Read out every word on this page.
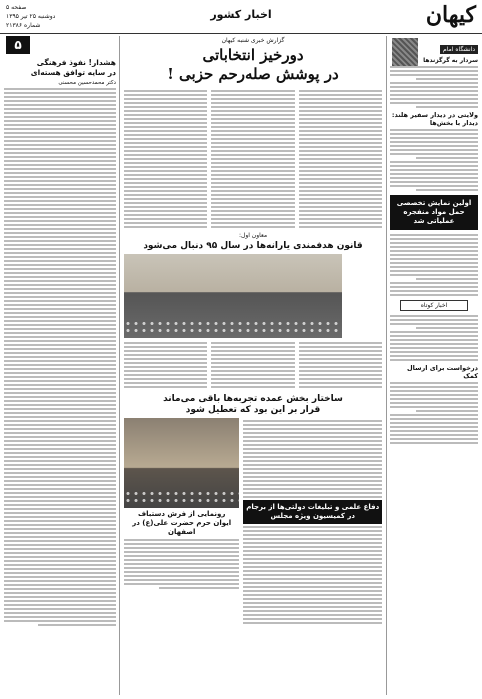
کیهان
اخبار کشور
صفحه ۵
دوشنبه ۲۵ تیر ۱۳۹۵
شماره ۲۱۳۸۶
دانشگاه امام
سردار به گرگزندها
ولایتی در دیدار سفیر هلند: دیدار با بخش‌ها
اولین نمایش تخصصی حمل مواد منفجره عملیاتی شد
اخبار کوتاه
درخواست برای ارسال کمک
۵
هشدار! نفوذ فرهنگی
در سایه توافق هسته‌ای
دکتر محمدحسین محسنی
گزارش خبری شنبه کیهان
دورخیز انتخاباتی
در پوشش صله‌رحم حزبی !
معاون اول:
قانون هدفمندی یارانه‌ها در سال ۹۵ دنبال می‌شود
ساختار بخش عمده تجربه‌ها باقی می‌ماند
قرار بر این بود که تعطیل شود
دفاع علمی و تبلیغات دولتی‌ها از برجام در کمیسیون ویژه مجلس
رونمایی از فرش دستباف
ایوان حرم حضرت علی(ع) در اصفهان
